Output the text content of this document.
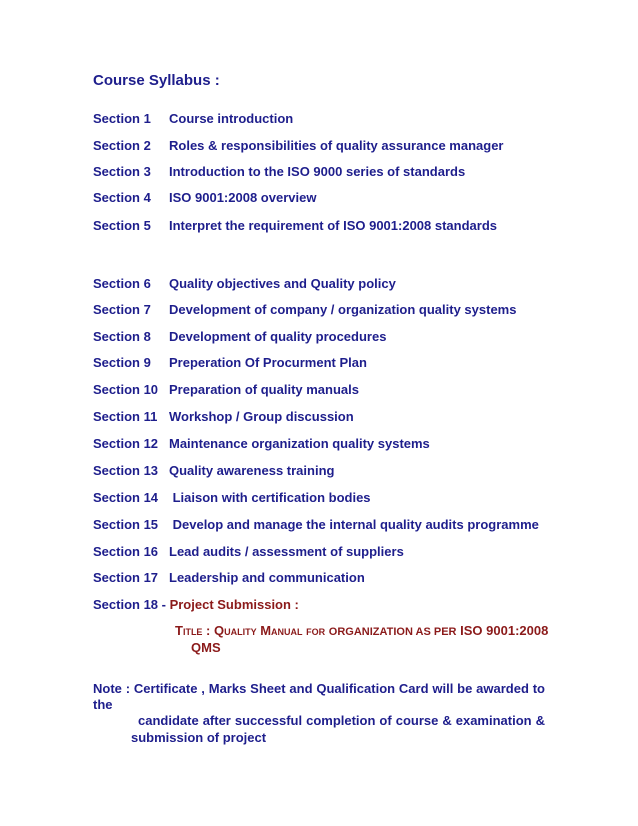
Course Syllabus :
Section 1 Course introduction
Section 2 Roles & responsibilities of quality assurance manager
Section 3 Introduction to the ISO 9000 series of standards
Section 4 ISO 9001:2008 overview
Section 5 Interpret the requirement of ISO 9001:2008 standards
Section 6 Quality objectives and Quality policy
Section 7 Development of company / organization quality systems
Section 8 Development of quality procedures
Section 9 Preperation Of Procurment Plan
Section 10 Preparation of quality manuals
Section 11 Workshop / Group discussion
Section 12 Maintenance organization quality systems
Section 13 Quality awareness training
Section 14 Liaison with certification bodies
Section 15 Develop and manage the internal quality audits programme
Section 16 Lead audits / assessment of suppliers
Section 17 Leadership and communication
Section 18 - Project Submission :
Title : Quality Manual for ORGANIZATION AS PER ISO 9001:2008
QMS
Note : Certificate , Marks Sheet and Qualification Card will be awarded to
the
candidate after successful completion of course & examination &
submission of project
